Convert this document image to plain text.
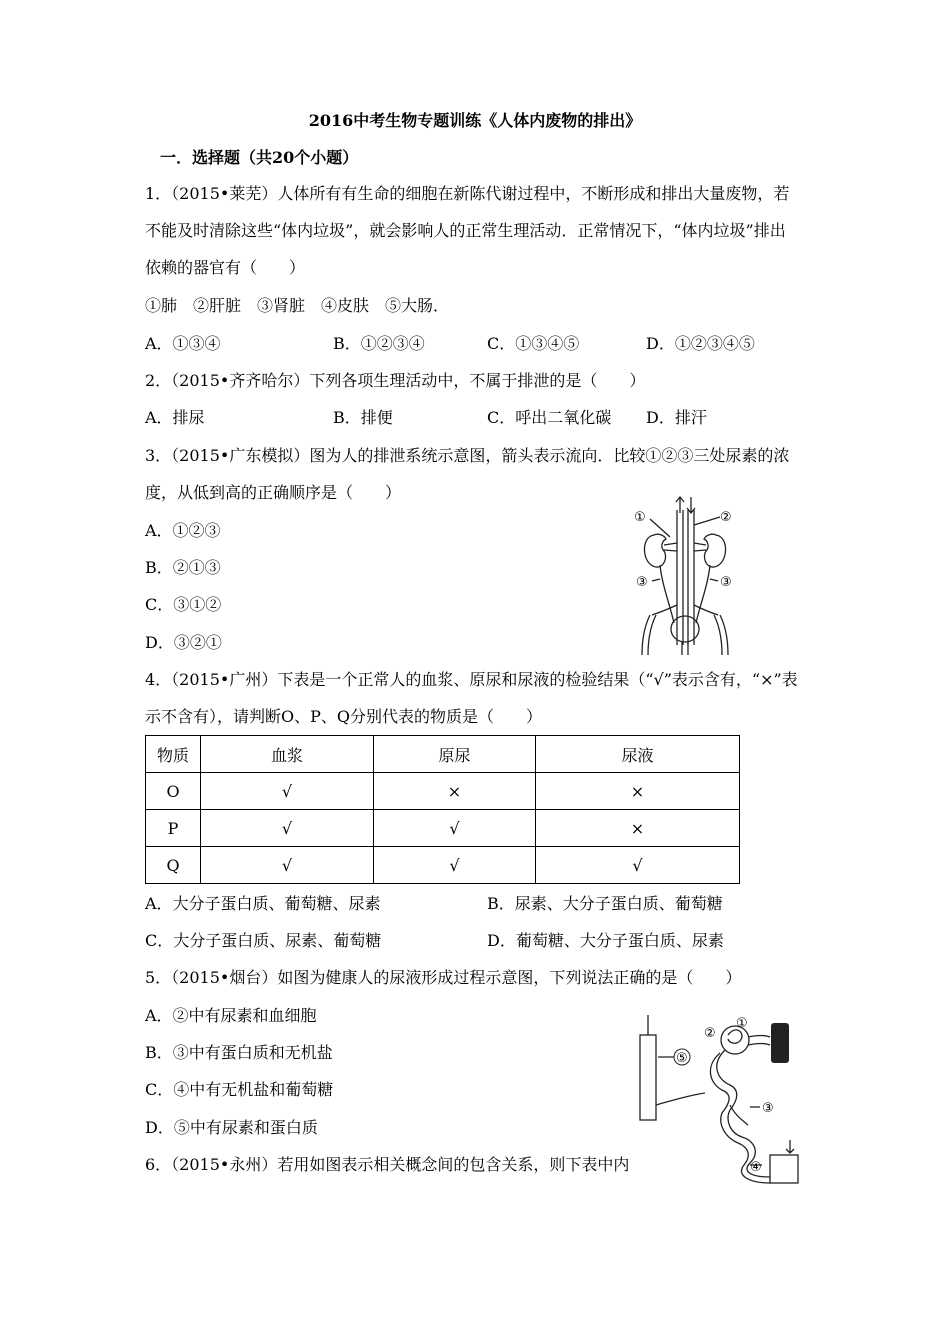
2016中考生物专题训练《人体内废物的排出》
一．选择题（共20个小题）
1．（2015•莱芜）人体所有有生命的细胞在新陈代谢过程中，不断形成和排出大量废物，若
不能及时清除这些“体内垃圾”，就会影响人的正常生理活动．正常情况下，“体内垃圾”排出
依赖的器官有（　　）
①肺　②肝脏　③肾脏　④皮肤　⑤大肠．
A．①③④	B．①②③④	C．①③④⑤	D．①②③④⑤
2．（2015•齐齐哈尔）下列各项生理活动中，不属于排泄的是（　　）
A．排尿	B．排便	C．呼出二氧化碳 D．排汗
3．（2015•广东模拟）图为人的排泄系统示意图，箭头表示流向．比较①②③三处尿素的浓
度，从低到高的正确顺序是（　　）
A．①②③
B．②①③
C．③①②
D．③②①
①	②
③	③
4．（2015•广州）下表是一个正常人的血浆、原尿和尿液的检验结果（“√”表示含有，“×”表
示不含有），请判断O、P、Q分别代表的物质是（　　）
物质	血浆	原尿	尿液
O	√	×	×
P	√	√	×
Q	√	√	√
A．大分子蛋白质、葡萄糖、尿素	B．尿素、大分子蛋白质、葡萄糖
C．大分子蛋白质、尿素、葡萄糖	D．葡萄糖、大分子蛋白质、尿素
5．（2015•烟台）如图为健康人的尿液形成过程示意图，下列说法正确的是（　　）
A．②中有尿素和血细胞
B．③中有蛋白质和无机盐
C．④中有无机盐和葡萄糖
D．⑤中有尿素和蛋白质
⑤
②
①
③
④
6．（2015•永州）若用如图表示相关概念间的包含关系，则下表中内
